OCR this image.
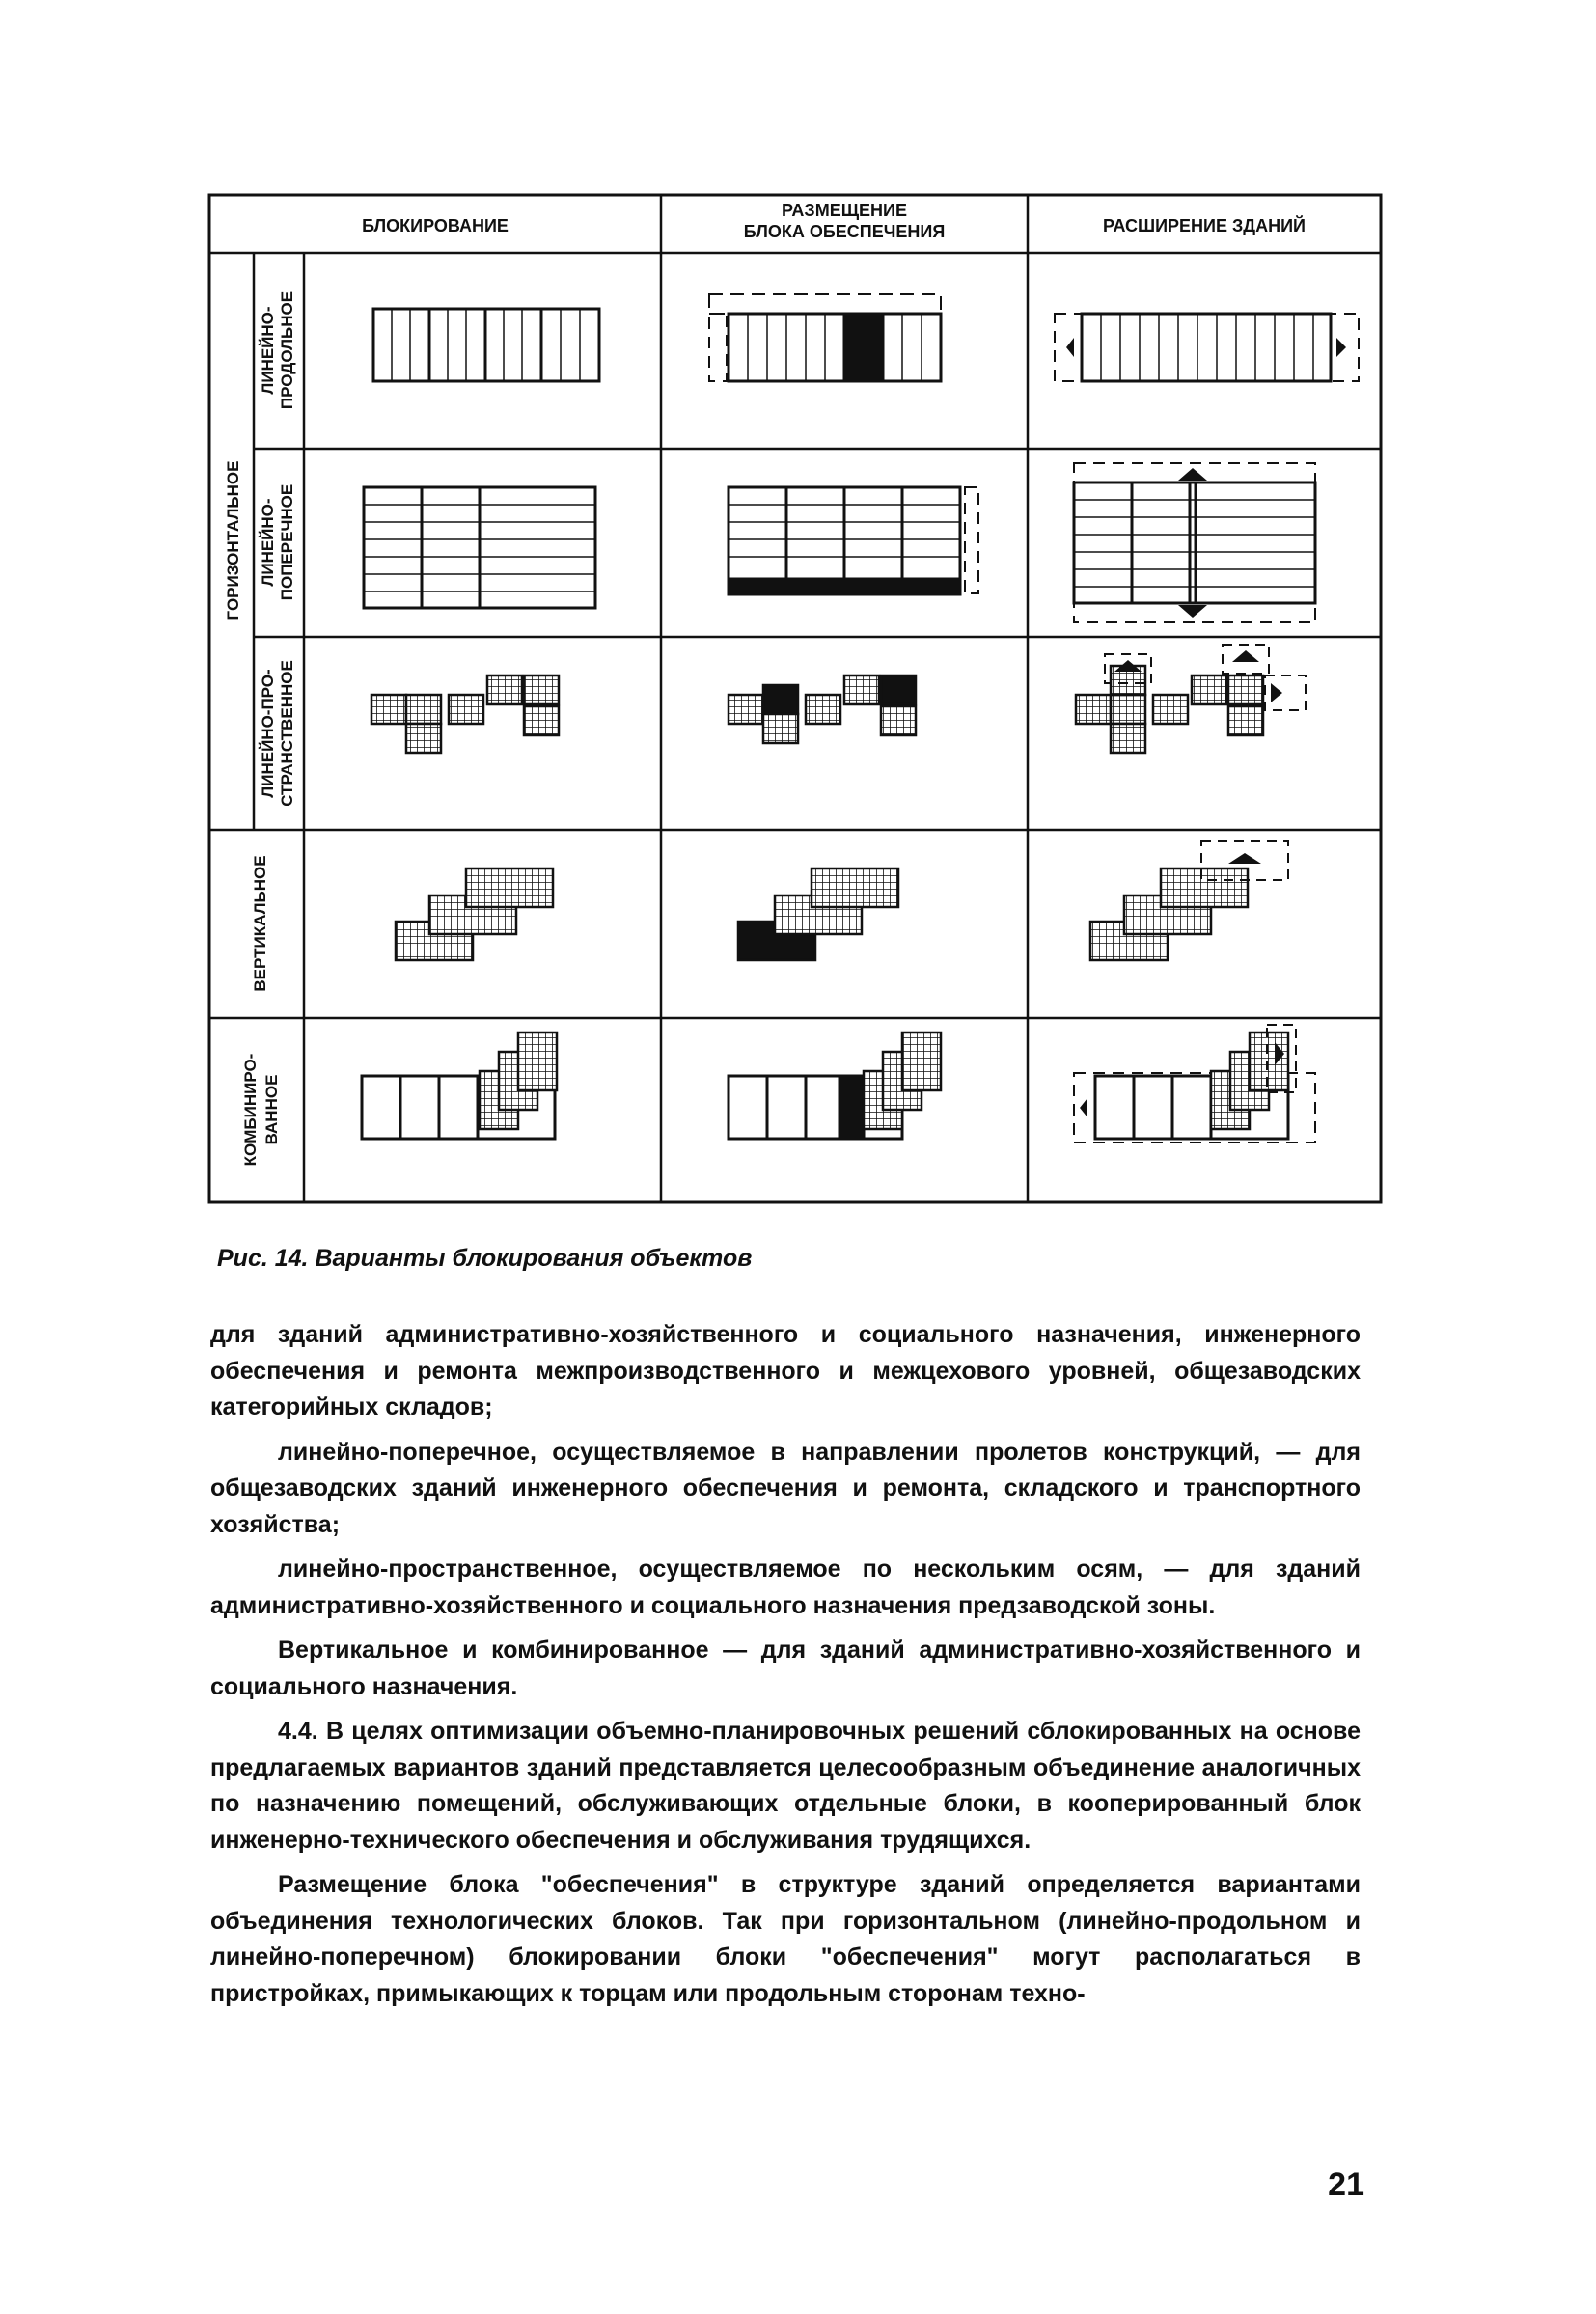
БЛОКИРОВАНИЕ
РАЗМЕЩЕНИЕ
БЛОКА ОБЕСПЕЧЕНИЯ	РАСШИРЕНИЕ ЗДАНИЙ
ГОРИЗОНТАЛЬНОЕ
ЛИНЕЙНО- ПРОДОЛЬНОЕ
ЛИНЕЙНО- ПОПЕРЕЧНОЕ
ЛИНЕЙНО-ПРО- СТРАНСТВЕННОЕ
ВЕРТИКАЛЬНОЕ
КОМБИНИРО- ВАННОЕ
Рис. 14. Варианты блокирования объектов

для зданий административно-хозяйственного и социального назначения, инженерного обеспечения и ремонта межпроизводственного и межцехового уровней, общезаводских категорийных складов;

линейно-поперечное, осуществляемое в направлении пролетов конструкций, — для общезаводских зданий инженерного обеспечения и ремонта, складского и транспортного хозяйства;

линейно-пространственное, осуществляемое по нескольким осям, — для зданий административно-хозяйственного и социального назначения предзаводской зоны.

Вертикальное и комбинированное — для зданий административно-хозяйственного и социального назначения.

4.4. В целях оптимизации объемно-планировочных решений сблокированных на основе предлагаемых вариантов зданий представляется целесообразным объединение аналогичных по назначению помещений, обслуживающих отдельные блоки, в кооперированный блок инженерно-технического обеспечения и обслуживания трудящихся.

Размещение блока "обеспечения" в структуре зданий определяется вариантами объединения технологических блоков. Так при горизонтальном (линейно-продольном и линейно-поперечном) блокировании блоки "обеспечения" могут располагаться в пристройках, примыкающих к торцам или продольным сторонам техно-

21
